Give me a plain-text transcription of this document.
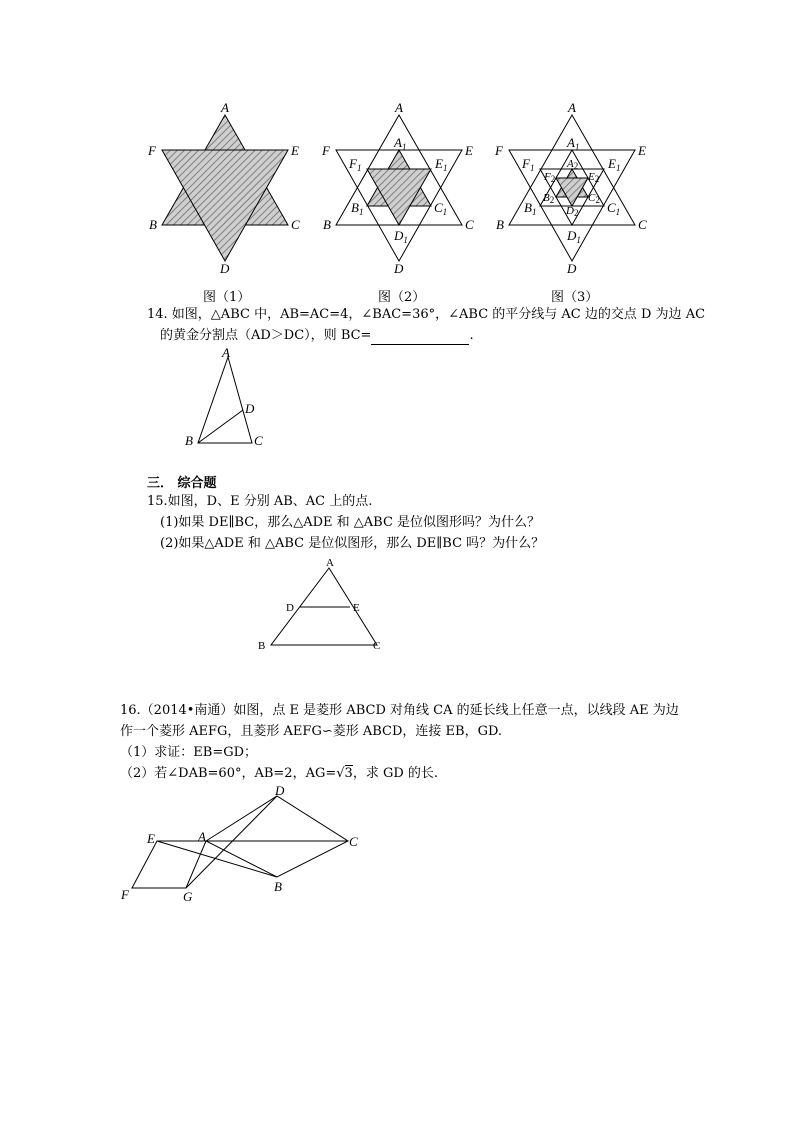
A
F	E
B	C
D
A
F	E
B	C
D
$A_1$
$F_1$	$E_1$
$B_1$	$C_1$
$D_1$
A
F	E
B	C
D
$A_1$
$F_1$	$E_1$
$B_1$	$C_1$
$D_1$
A2
F2	E2
B2	C2
D2
图（1）	图（2）	图（3）
14. 如图，△ABC 中，AB=AC=4，∠BAC=36°，∠ABC 的平分线与 AC 边的交点 D 为边 AC
的黄金分割点（AD＞DC），则 BC=	.
A
D
B	C
三． 综合题
15.如图，D、E 分别 AB、AC 上的点.
(1)如果 DE∥BC，那么△ADE 和 △ABC 是位似图形吗？为什么？
(2)如果△ADE 和 △ABC 是位似图形，那么 DE∥BC 吗？为什么？
A
D	E
B	C
16.（2014•南通）如图，点 E 是菱形 ABCD 对角线 CA 的延长线上任意一点，以线段 AE 为边
作一个菱形 AEFG，且菱形 AEFG∽菱形 ABCD，连接 EB，GD.
（1）求证：EB=GD；
（2）若∠DAB=60°，AB=2，AG=√3，求 GD 的长.
D
E	A	C
B
F	G
